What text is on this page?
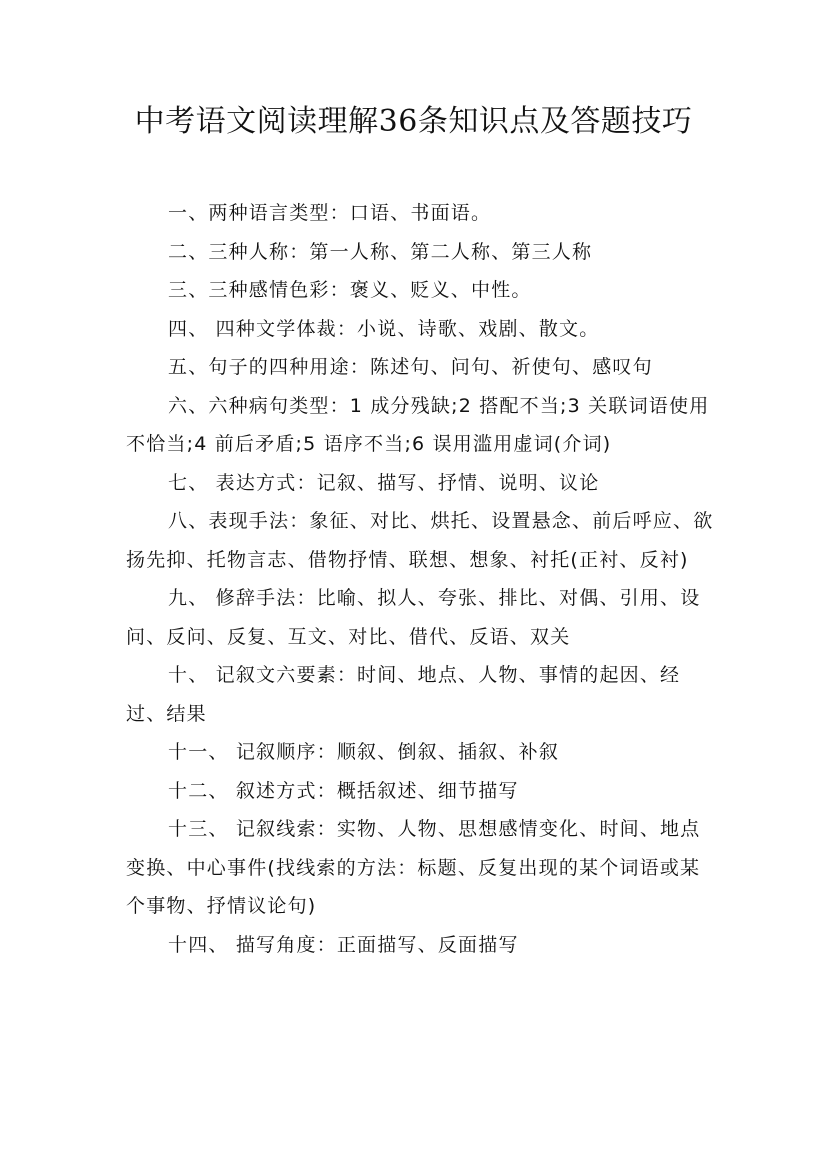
中考语文阅读理解36条知识点及答题技巧

一、两种语言类型：口语、书面语。

二、三种人称：第一人称、第二人称、第三人称

三、三种感情色彩：褒义、贬义、中性。

四、 四种文学体裁：小说、诗歌、戏剧、散文。

五、句子的四种用途：陈述句、问句、祈使句、感叹句

六、六种病句类型：1 成分残缺;2 搭配不当;3 关联词语使用不恰当;4 前后矛盾;5 语序不当;6 误用滥用虚词(介词)

七、 表达方式：记叙、描写、抒情、说明、议论

八、表现手法：象征、对比、烘托、设置悬念、前后呼应、欲扬先抑、托物言志、借物抒情、联想、想象、衬托(正衬、反衬)

九、 修辞手法：比喻、拟人、夸张、排比、对偶、引用、设问、反问、反复、互文、对比、借代、反语、双关

十、 记叙文六要素：时间、地点、人物、事情的起因、经过、结果

十一、 记叙顺序：顺叙、倒叙、插叙、补叙

十二、 叙述方式：概括叙述、细节描写

十三、 记叙线索：实物、人物、思想感情变化、时间、地点变换、中心事件(找线索的方法：标题、反复出现的某个词语或某个事物、抒情议论句)

十四、 描写角度：正面描写、反面描写
